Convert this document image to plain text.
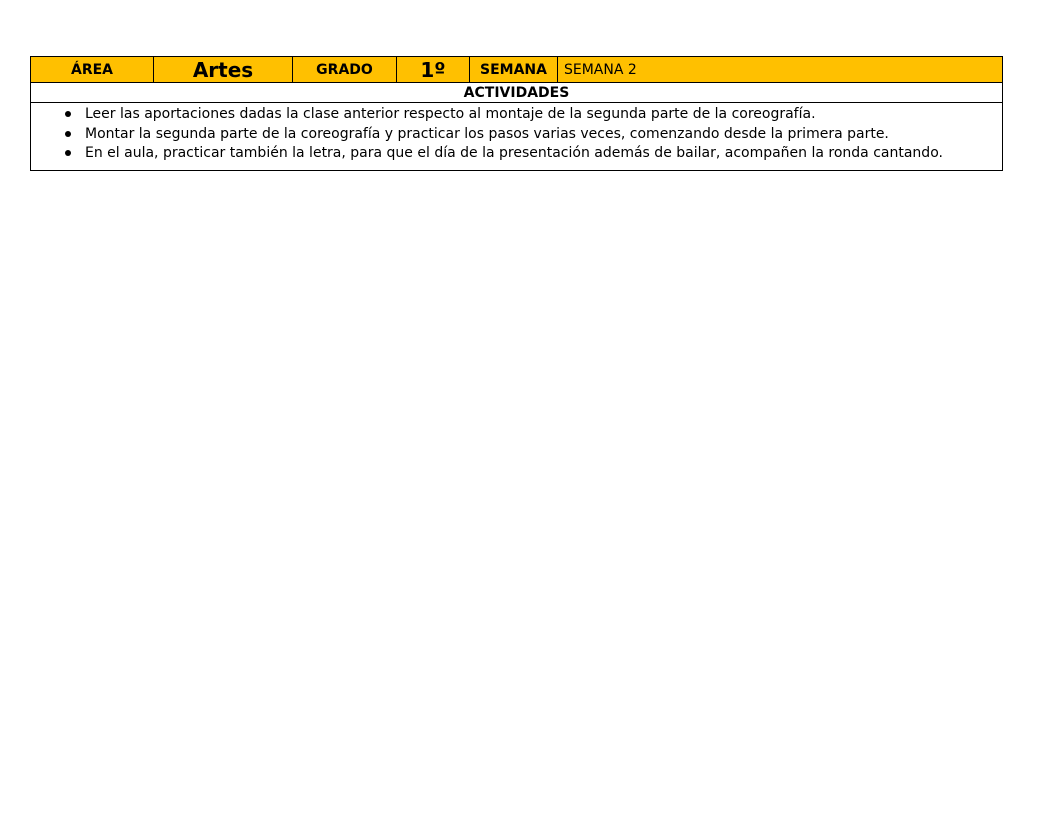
ÁREA	Artes	GRADO	1º	SEMANA	SEMANA 2
ACTIVIDADES

Leer las aportaciones dadas la clase anterior respecto al montaje de la segunda parte de la coreografía.
Montar la segunda parte de la coreografía y practicar los pasos varias veces, comenzando desde la primera parte.
En el aula, practicar también la letra, para que el día de la presentación además de bailar, acompañen la ronda cantando.
